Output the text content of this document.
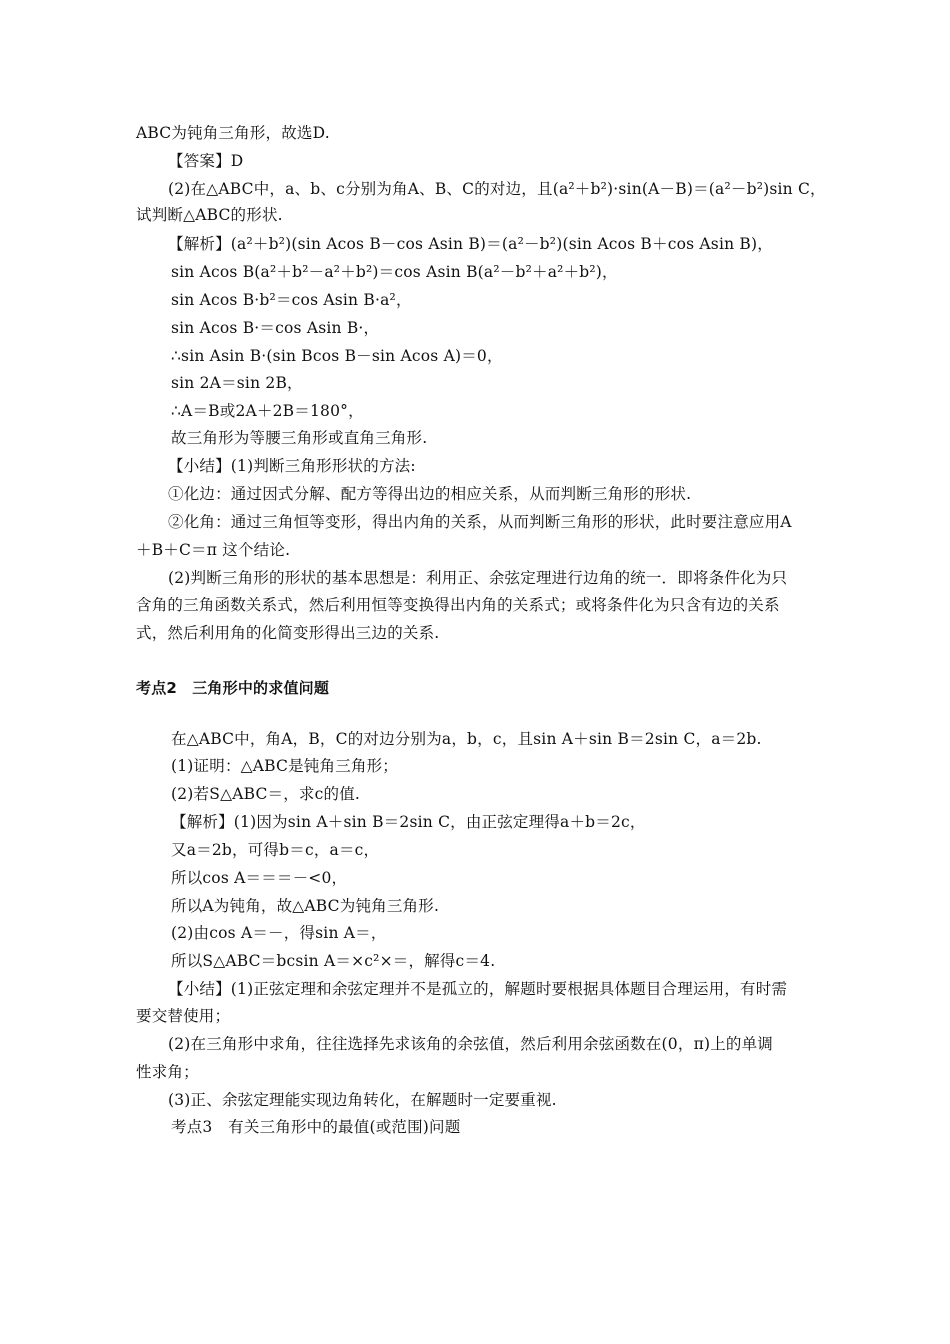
ABC为钝角三角形，故选D.
【答案】D
(2)在△ABC中，a、b、c分别为角A、B、C的对边，且(a²＋b²)·sin(A－B)＝(a²－b²)sin C，
试判断△ABC的形状.
【解析】(a²＋b²)(sin Acos B－cos Asin B)＝(a²－b²)(sin Acos B＋cos Asin B)，
sin Acos B(a²＋b²－a²＋b²)＝cos Asin B(a²－b²＋a²＋b²)，
sin Acos B·b²＝cos Asin B·a²，
sin Acos B·＝cos Asin B·，
∴sin Asin B·(sin Bcos B－sin Acos A)＝0，
sin 2A＝sin 2B，
∴A＝B或2A＋2B＝180°，
故三角形为等腰三角形或直角三角形.
【小结】(1)判断三角形形状的方法:
①化边：通过因式分解、配方等得出边的相应关系，从而判断三角形的形状.
②化角：通过三角恒等变形，得出内角的关系，从而判断三角形的形状，此时要注意应用A
＋B＋C＝π 这个结论.
(2)判断三角形的形状的基本思想是：利用正、余弦定理进行边角的统一．即将条件化为只
含角的三角函数关系式，然后利用恒等变换得出内角的关系式；或将条件化为只含有边的关系
式，然后利用角的化简变形得出三边的关系.
考点2　三角形中的求值问题
在△ABC中，角A，B，C的对边分别为a，b，c，且sin A＋sin B＝2sin C，a＝2b.
(1)证明：△ABC是钝角三角形；
(2)若S△ABC＝，求c的值.
【解析】(1)因为sin A＋sin B＝2sin C，由正弦定理得a＋b＝2c，
又a＝2b，可得b＝c，a＝c，
所以cos A＝＝＝－<0，
所以A为钝角，故△ABC为钝角三角形.
(2)由cos A＝－，得sin A＝，
所以S△ABC＝bcsin A＝×c²×＝，解得c＝4.
【小结】(1)正弦定理和余弦定理并不是孤立的，解题时要根据具体题目合理运用，有时需
要交替使用；
(2)在三角形中求角，往往选择先求该角的余弦值，然后利用余弦函数在(0，π)上的单调
性求角；
(3)正、余弦定理能实现边角转化，在解题时一定要重视.
考点3　有关三角形中的最值(或范围)问题
